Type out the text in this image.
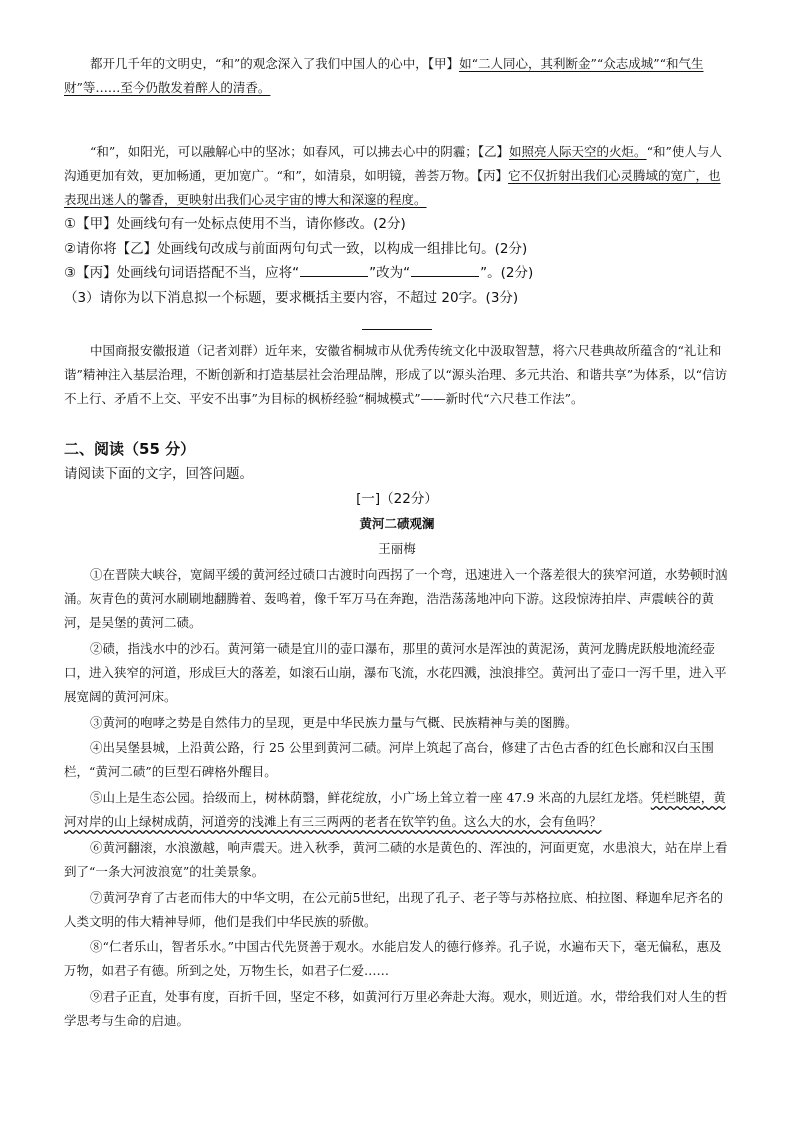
都开几千年的文明史，“和”的观念深入了我们中国人的心中，【甲】如“二人同心，其利断金”“众志成城”“和气生财”等……至今仍散发着醉人的清香。

“和”，如阳光，可以融解心中的坚冰；如春风，可以拂去心中的阴霾；【乙】如照亮人际天空的火炬。“和”使人与人沟通更加有效，更加畅通，更加宽广。“和”，如清泉，如明镜，善荟万物。【丙】它不仅折射出我们心灵腾域的宽广，也表现出迷人的馨香，更映射出我们心灵宇宙的博大和深邃的程度。

①【甲】处画线句有一处标点使用不当，请你修改。(2分)

②请你将【乙】处画线句改成与前面两句句式一致，以构成一组排比句。(2分)

③【丙】处画线句词语搭配不当，应将“	”改为“	”。(2分)

（3）请你为以下消息拟一个标题，要求概括主要内容，不超过 20字。(3分)

中国商报安徽报道（记者刘群）近年来，安徽省桐城市从优秀传统文化中汲取智慧，将六尺巷典故所蕴含的“礼让和谐”精神注入基层治理，不断创新和打造基层社会治理品牌，形成了以“源头治理、多元共治、和谐共享”为体系，以“信访不上行、矛盾不上交、平安不出事”为目标的枫桥经验“桐城模式”——新时代“六尺巷工作法”。

二、阅读（55 分）

请阅读下面的文字，回答问题。

[一]（22分）

黄河二碛观澜

王丽梅

①在晋陕大峡谷，宽阔平缓的黄河经过碛口古渡时向西拐了一个弯，迅速进入一个落差很大的狭窄河道，水势顿时汹涌。灰青色的黄河水刷刷地翻腾着、轰鸣着，像千军万马在奔跑，浩浩荡荡地冲向下游。这段惊涛拍岸、声震峡谷的黄河，是吴堡的黄河二碛。

②碛，指浅水中的沙石。黄河第一碛是宜川的壶口瀑布，那里的黄河水是浑浊的黄泥汤，黄河龙腾虎跃般地流经壶口，进入狭窄的河道，形成巨大的落差，如滚石山崩，瀑布飞流，水花四溅，浊浪排空。黄河出了壶口一泻千里，进入平展宽阔的黄河河床。

③黄河的咆哮之势是自然伟力的呈现，更是中华民族力量与气概、民族精神与美的图腾。

④出吴堡县城，上沿黄公路，行 25 公里到黄河二碛。河岸上筑起了高台，修建了古色古香的红色长廊和汉白玉围栏，“黄河二碛”的巨型石碑格外醒目。

⑤山上是生态公园。拾级而上，树林荫翳，鲜花绽放，小广场上耸立着一座 47.9 米高的九层红龙塔。凭栏眺望，黄河对岸的山上绿树成荫，河道旁的浅滩上有三三两两的老者在钦竿钓鱼。这么大的水，会有鱼吗？

⑥黄河翻滚，水浪激越，响声震天。进入秋季，黄河二碛的水是黄色的、浑浊的，河面更宽，水患浪大，站在岸上看到了“一条大河波浪宽”的壮美景象。

⑦黄河孕育了古老而伟大的中华文明，在公元前5世纪，出现了孔子、老子等与苏格拉底、柏拉图、释迦牟尼齐名的人类文明的伟大精神导师，他们是我们中华民族的骄傲。

⑧“仁者乐山，智者乐水。”中国古代先贤善于观水。水能启发人的德行修养。孔子说，水遍布天下，毫无偏私，惠及万物，如君子有德。所到之处，万物生长，如君子仁爱……

⑨君子正直，处事有度，百折千回，坚定不移，如黄河行万里必奔赴大海。观水，则近道。水，带给我们对人生的哲学思考与生命的启迪。
